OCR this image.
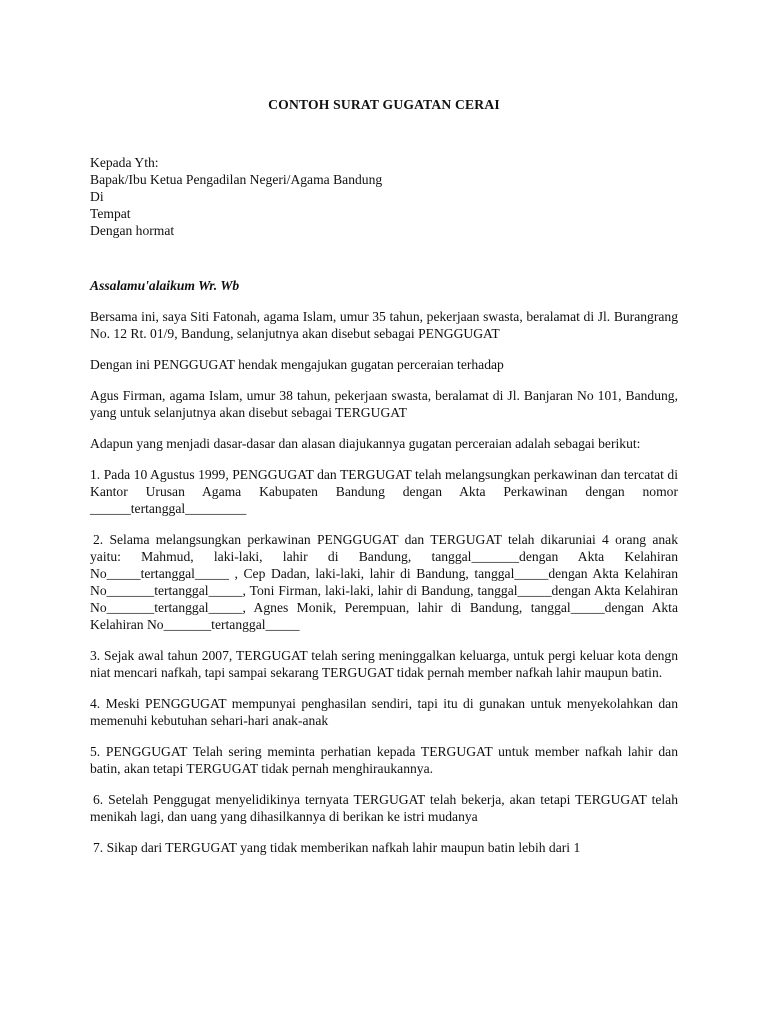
CONTOH SURAT GUGATAN CERAI
Kepada Yth:
Bapak/Ibu Ketua Pengadilan Negeri/Agama Bandung
Di
Tempat
Dengan hormat
Assalamu'alaikum Wr. Wb

Bersama ini, saya Siti Fatonah, agama Islam, umur 35 tahun, pekerjaan swasta, beralamat di Jl. Burangrang No. 12 Rt. 01/9, Bandung, selanjutnya akan disebut sebagai PENGGUGAT

Dengan ini PENGGUGAT hendak mengajukan gugatan perceraian terhadap

Agus Firman, agama Islam, umur 38 tahun, pekerjaan swasta, beralamat di Jl. Banjaran No 101, Bandung, yang untuk selanjutnya akan disebut sebagai TERGUGAT

Adapun yang menjadi dasar-dasar dan alasan diajukannya gugatan perceraian adalah sebagai berikut:

1. Pada 10 Agustus 1999, PENGGUGAT dan TERGUGAT telah melangsungkan perkawinan dan tercatat di Kantor Urusan Agama Kabupaten Bandung dengan Akta Perkawinan dengan nomor ______tertanggal_________

2. Selama melangsungkan perkawinan PENGGUGAT dan TERGUGAT telah dikaruniai 4 orang anak yaitu: Mahmud, laki-laki, lahir di Bandung, tanggal_______dengan Akta Kelahiran No_____tertanggal_____ , Cep Dadan, laki-laki, lahir di Bandung, tanggal_____dengan Akta Kelahiran No_______tertanggal_____, Toni Firman, laki-laki, lahir di Bandung, tanggal_____dengan Akta Kelahiran No_______tertanggal_____, Agnes Monik, Perempuan, lahir di Bandung, tanggal_____dengan Akta Kelahiran No_______tertanggal_____

3. Sejak awal tahun 2007, TERGUGAT telah sering meninggalkan keluarga, untuk pergi keluar kota dengn niat mencari nafkah, tapi sampai sekarang TERGUGAT tidak pernah member nafkah lahir maupun batin.

4. Meski PENGGUGAT mempunyai penghasilan sendiri, tapi itu di gunakan untuk menyekolahkan dan memenuhi kebutuhan sehari-hari anak-anak

5. PENGGUGAT Telah sering meminta perhatian kepada TERGUGAT untuk member nafkah lahir dan batin, akan tetapi TERGUGAT tidak pernah menghiraukannya.

6. Setelah Penggugat menyelidikinya ternyata TERGUGAT telah bekerja, akan tetapi TERGUGAT telah menikah lagi, dan uang yang dihasilkannya di berikan ke istri mudanya

7. Sikap dari TERGUGAT yang tidak memberikan nafkah lahir maupun batin lebih dari 1
